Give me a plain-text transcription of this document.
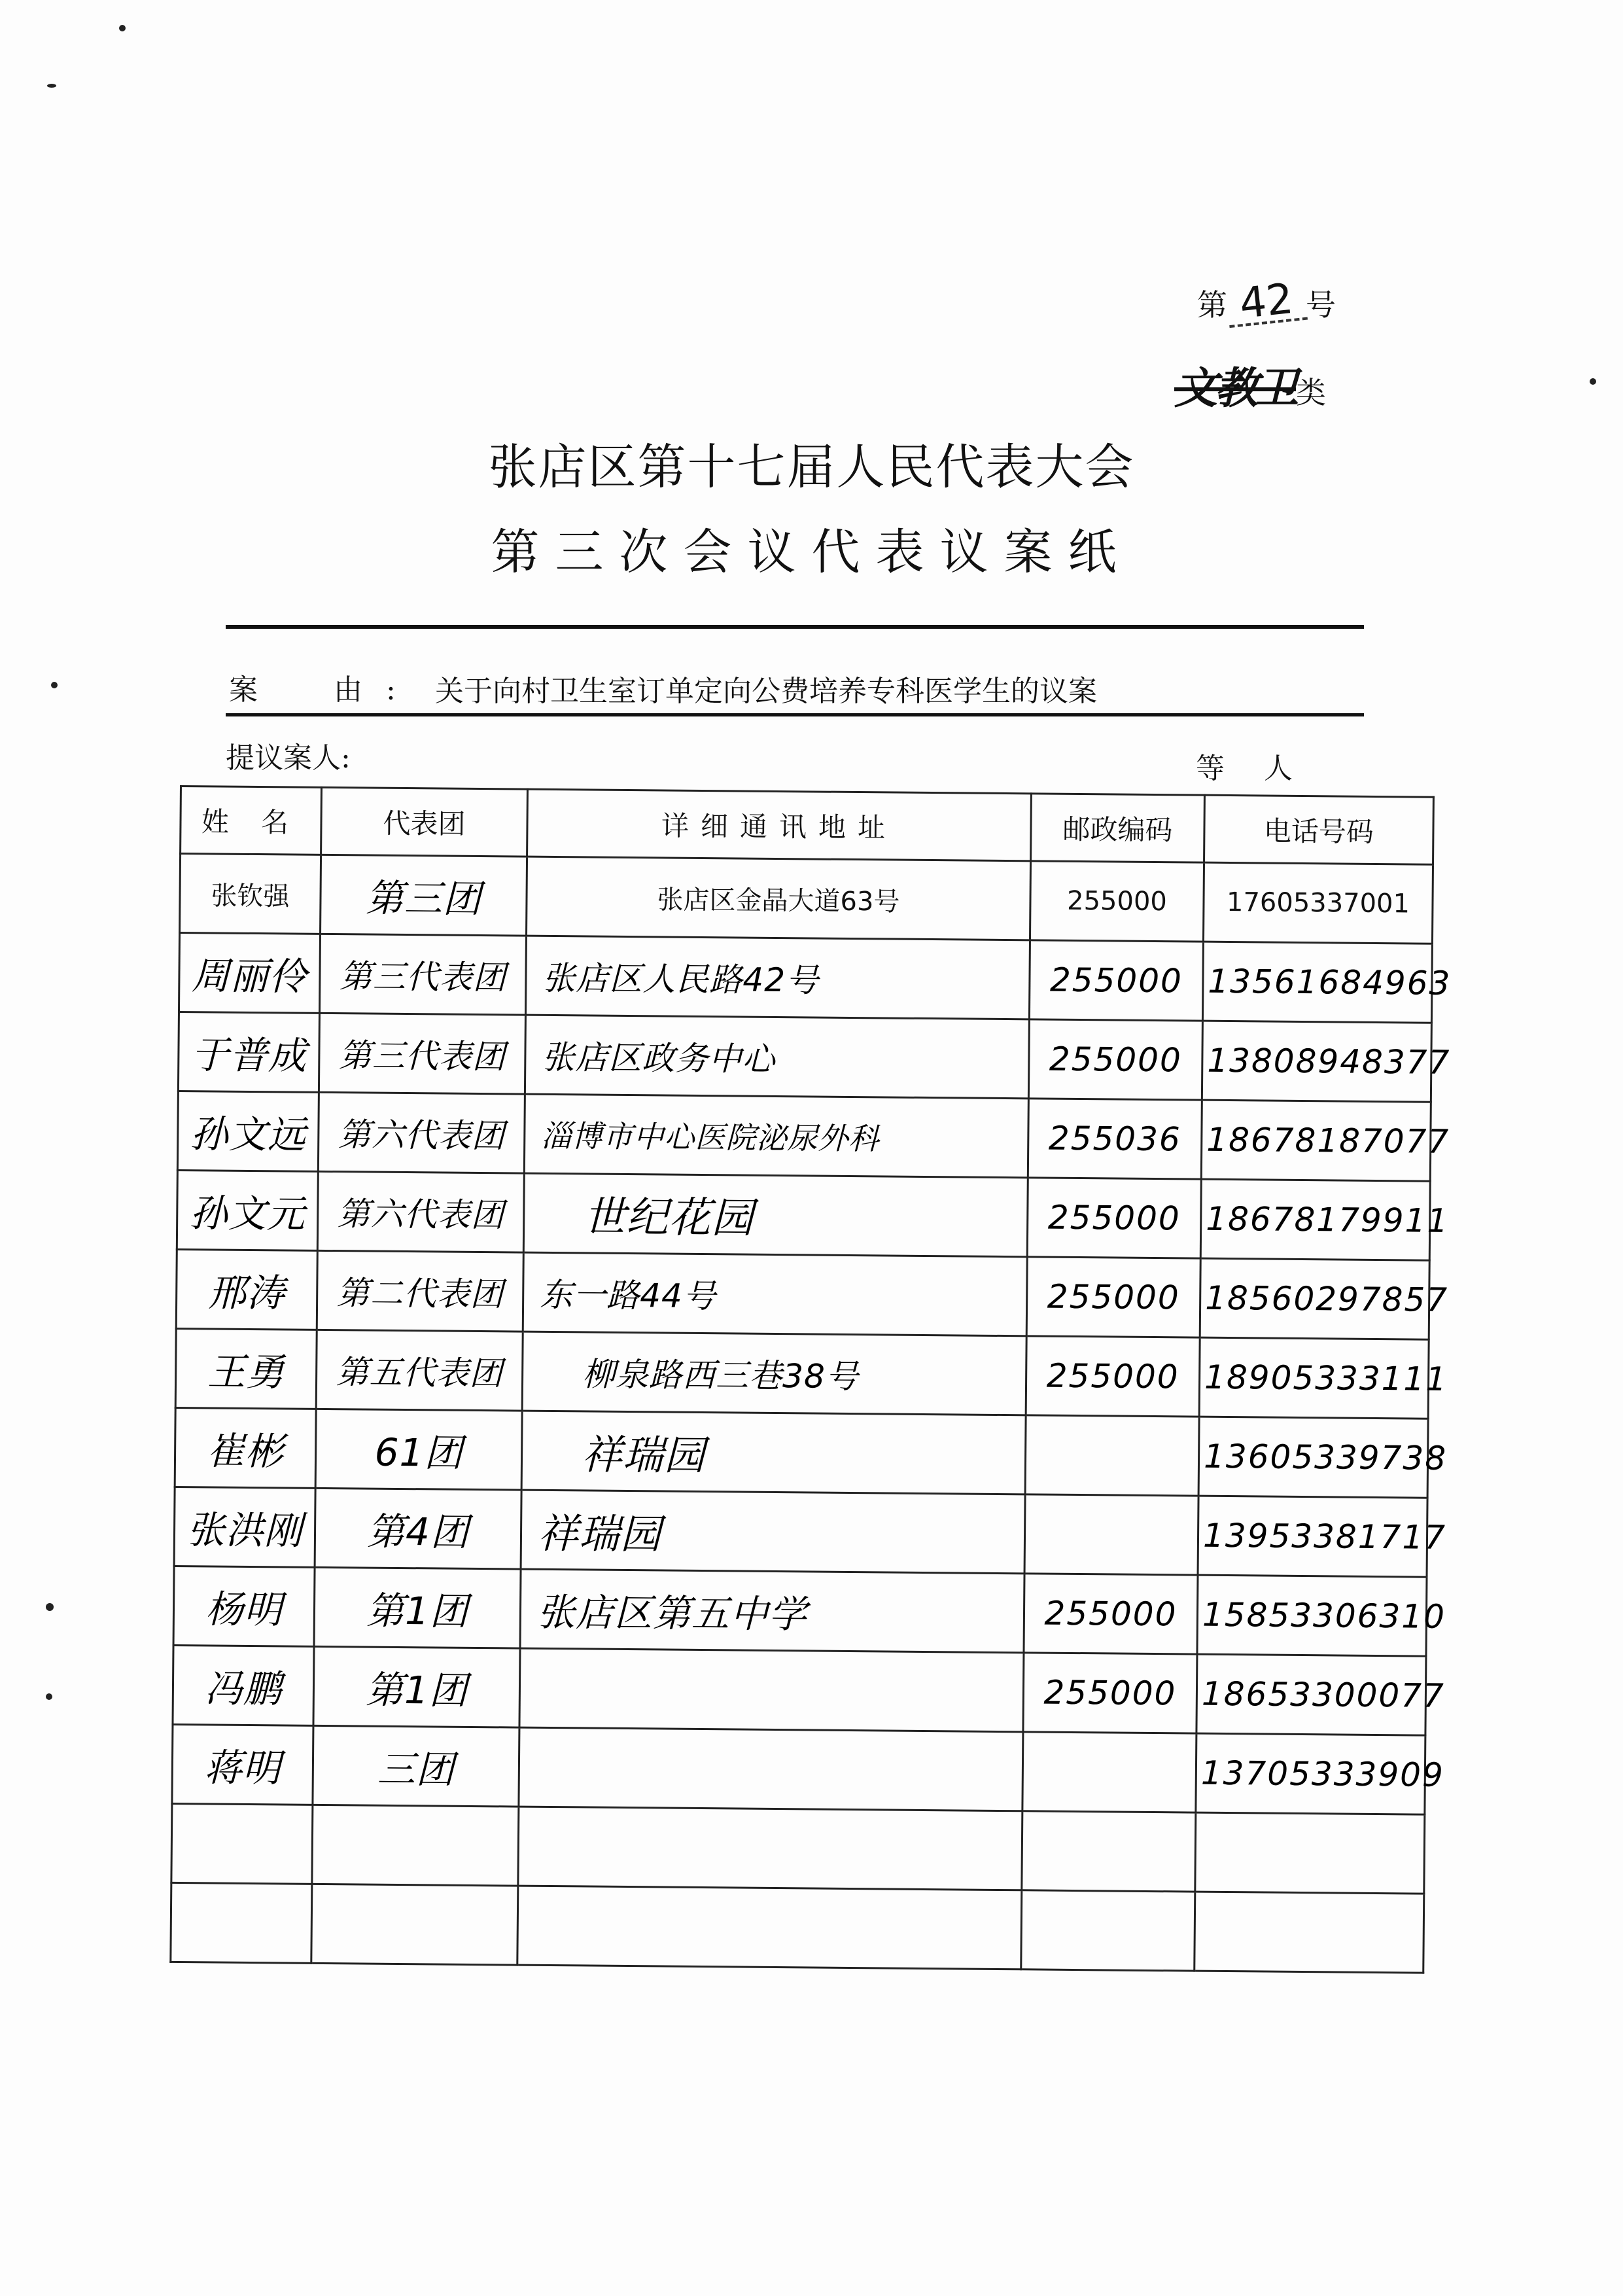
第 42 号
文教卫类
张店区第十七届人民代表大会
第三次会议代表议案纸
案　由: 关于向村卫生室订单定向公费培养专科医学生的议案
提议案人:	等人
姓 名	代表团	详细通讯地址	邮政编码	电话号码
张钦强	第三团	张店区金晶大道63号	255000	17605337001
周丽伶	第三代表团	张店区人民路42号	255000	13561684963
于普成	第三代表团	张店区政务中心	255000	13808948377
孙文远	第六代表团	淄博市中心医院泌尿外科	255036	18678187077
孙文元	第六代表团	世纪花园	255000	18678179911
邢涛	第二代表团	东一路44号	255000	18560297857
王勇	第五代表团	柳泉路西三巷38号	255000	18905333111
崔彬	61团	祥瑞园		13605339738
张洪刚	第4团	祥瑞园		13953381717
杨明	第1团	张店区第五中学	255000	15853306310
冯鹏	第1团		255000	18653300077
蒋明	三团			13705333909
